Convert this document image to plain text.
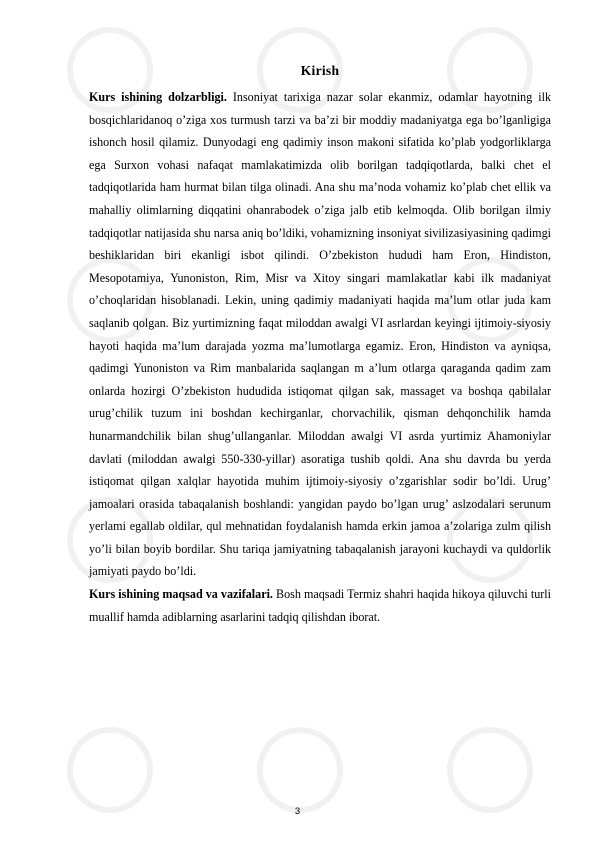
Kirish

Kurs ishining dolzarbligi. Insoniyat tarixiga nazar solar ekanmiz, odamlar hayotning ilk bosqichlaridanoq o’ziga xos turmush tarzi va ba’zi bir moddiy madaniyatga ega bo’lganligiga ishonch hosil qilamiz. Dunyodagi eng qadimiy inson makoni sifatida ko’plab yodgorliklarga ega Surxon vohasi nafaqat mamlakatimizda olib borilgan tadqiqotlarda, balki chet el tadqiqotlarida ham hurmat bilan tilga olinadi. Ana shu ma’noda vohamiz ko’plab chet ellik va mahalliy olimlarning diqqatini ohanrabodek o’ziga jalb etib kelmoqda. Olib borilgan ilmiy tadqiqotlar natijasida shu narsa aniq bo’ldiki, vohamizning insoniyat sivilizasiyasining qadimgi beshiklaridan biri ekanligi isbot qilindi. O’zbekiston hududi ham Eron, Hindiston, Mesopotamiya, Yunoniston, Rim, Misr va Xitoy singari mamlakatlar kabi ilk madaniyat o’choqlaridan hisoblanadi. Lekin, uning qadimiy madaniyati haqida ma’lum otlar juda kam saqlanib qolgan. Biz yurtimizning faqat miloddan awalgi VI asrlardan keyingi ijtimoiy-siyosiy hayoti haqida ma’lum darajada yozma ma’lumotlarga egamiz. Eron, Hindiston va ayniqsa, qadimgi Yunoniston va Rim manbalarida saqlangan m a’lum otlarga qaraganda qadim zam onlarda hozirgi O’zbekiston hududida istiqomat qilgan sak, massaget va boshqa qabilalar urug’chilik tuzum ini boshdan kechirganlar, chorvachilik, qisman dehqonchilik hamda hunarmandchilik bilan shug’ullanganlar. Miloddan awalgi VI asrda yurtimiz Ahamoniylar davlati (miloddan awalgi 550-330-yillar) asoratiga tushib qoldi. Ana shu davrda bu yerda istiqomat qilgan xalqlar hayotida muhim ijtimoiy-siyosiy o’zgarishlar sodir bo’ldi. Urug’ jamoalari orasida tabaqalanish boshlandi: yangidan paydo bo’lgan urug’ aslzodalari serunum yerlami egallab oldilar, qul mehnatidan foydalanish hamda erkin jamoa a’zolariga zulm qilish yo’li bilan boyib bordilar. Shu tariqa jamiyatning tabaqalanish jarayoni kuchaydi va quldorlik jamiyati paydo bo’ldi.

Kurs ishining maqsad va vazifalari. Bosh maqsadi Termiz shahri haqida hikoya qiluvchi turli muallif hamda adiblarning asarlarini tadqiq qilishdan iborat.

3
